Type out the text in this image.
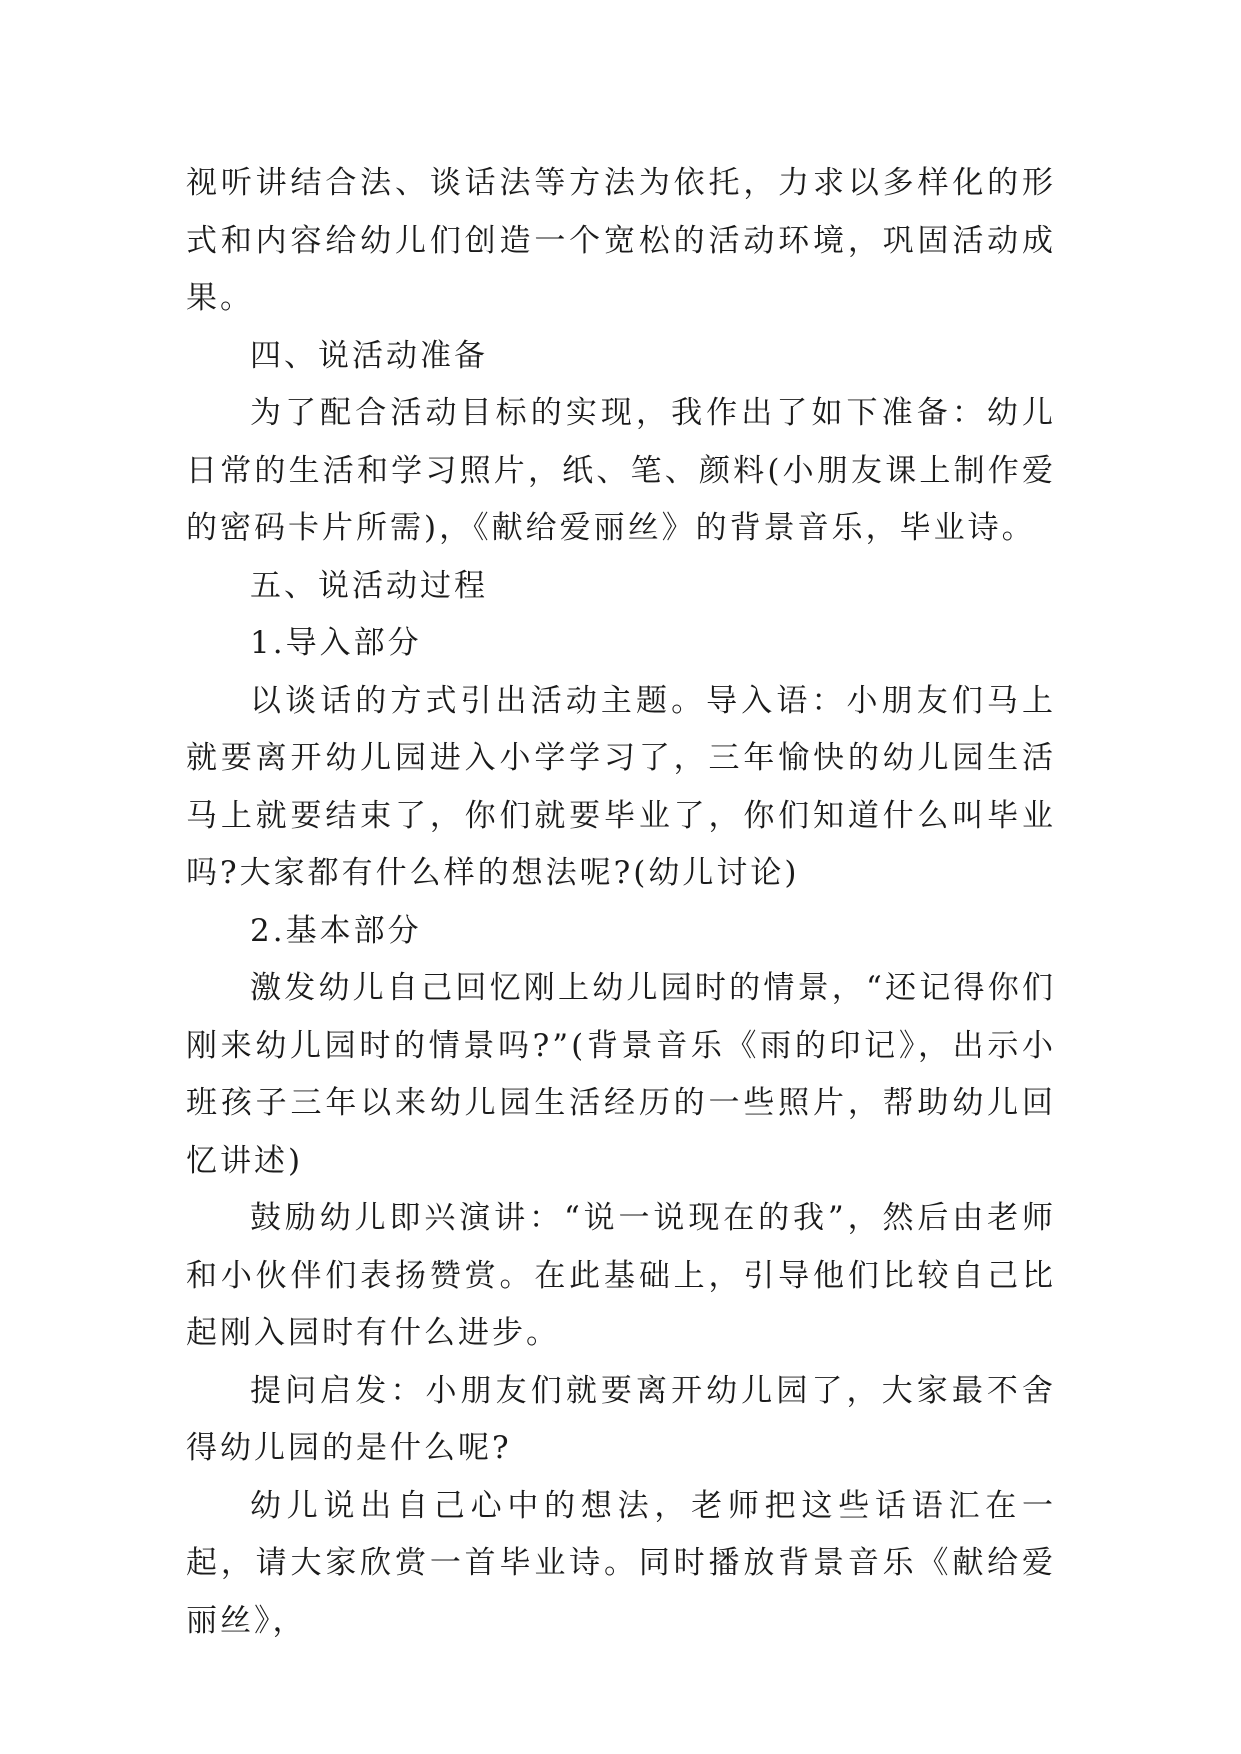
视听讲结合法、谈话法等方法为依托，力求以多样化的形式和内容给幼儿们创造一个宽松的活动环境，巩固活动成果。

四、说活动准备

为了配合活动目标的实现，我作出了如下准备：幼儿日常的生活和学习照片，纸、笔、颜料(小朋友课上制作爱的密码卡片所需)，《献给爱丽丝》的背景音乐，毕业诗。

五、说活动过程

1.导入部分

以谈话的方式引出活动主题。导入语：小朋友们马上就要离开幼儿园进入小学学习了，三年愉快的幼儿园生活马上就要结束了，你们就要毕业了，你们知道什么叫毕业吗?大家都有什么样的想法呢?(幼儿讨论)

2.基本部分

激发幼儿自己回忆刚上幼儿园时的情景，“还记得你们刚来幼儿园时的情景吗?”(背景音乐《雨的印记》，出示小班孩子三年以来幼儿园生活经历的一些照片，帮助幼儿回忆讲述)

鼓励幼儿即兴演讲：“说一说现在的我”，然后由老师和小伙伴们表扬赞赏。在此基础上，引导他们比较自己比起刚入园时有什么进步。

提问启发：小朋友们就要离开幼儿园了，大家最不舍得幼儿园的是什么呢?

幼儿说出自己心中的想法，老师把这些话语汇在一起，请大家欣赏一首毕业诗。同时播放背景音乐《献给爱丽丝》，
